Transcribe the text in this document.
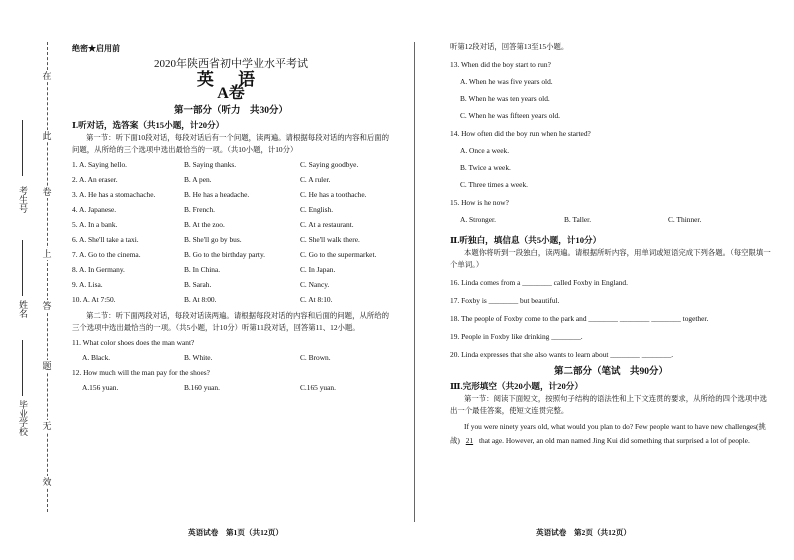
在
此
卷
上
答
题
无
效
考生号
姓名
毕业学校
绝密★启用前
2020年陕西省初中学业水平考试
英 语
A卷
第一部分（听力　共30分）
Ⅰ.听对话，选答案（共15小题，计20分）
第一节：听下面10段对话，每段对话后有一个问题，读两遍。请根据每段对话的内容和后面的问题，从所给的三个选项中选出最恰当的一项。（共10小题，计10分）
1. A. Saying hello.	B. Saying thanks.	C. Saying goodbye.
2. A. An eraser.	B. A pen.	C. A ruler.
3. A. He has a stomachache.	B. He has a headache.	C. He has a toothache.
4. A. Japanese.	B. French.	C. English.
5. A. In a bank.	B. At the zoo.	C. At a restaurant.
6. A. She'll take a taxi.	B. She'll go by bus.	C. She'll walk there.
7. A. Go to the cinema.	B. Go to the birthday party.	C. Go to the supermarket.
8. A. In Germany.	B. In China.	C. In Japan.
9. A. Lisa.	B. Sarah.	C. Nancy.
10. A. At 7:50.	B. At 8:00.	C. At 8:10.
第二节：听下面两段对话，每段对话读两遍。请根据每段对话的内容和后面的问题，从所给的三个选项中选出最恰当的一项。（共5小题，计10分）听第11段对话，回答第11、12小题。
11. What color shoes does the man want?
A. Black.	B. White.	C. Brown.
12. How much will the man pay for the shoes?
A.156 yuan.	B.160 yuan.	C.165 yuan.
英语试卷　第1页（共12页）
听第12段对话，回答第13至15小题。
13. When did the boy start to run?
A. When he was five years old.
B. When he was ten years old.
C. When he was fifteen years old.
14. How often did the boy run when he started?
A. Once a week.
B. Twice a week.
C. Three times a week.
15. How is he now?
A. Stronger.	B. Taller.	C. Thinner.
Ⅱ.听独白，填信息（共5小题，计10分）
本题你将听到一段独白，读两遍。请根据所听内容，用单词或短语完成下列各题。（每空限填一个单词。）
16. Linda comes from a ________ called Foxby in England.
17. Foxby is ________ but beautiful.
18. The people of Foxby come to the park and ________ ________ ________ together.
19. People in Foxby like drinking ________.
20. Linda expresses that she also wants to learn about ________ ________.
第二部分（笔试　共90分）
Ⅲ.完形填空（共20小题，计20分）
第一节：阅读下面短文，按照句子结构的语法性和上下文连贯的要求，从所给的四个选项中选出一个最佳答案，使短文连贯完整。
If you were ninety years old, what would you plan to do? Few people want to have new challenges(挑战) 21 that age. However, an old man named Jing Kui did something that surprised a lot of people.
英语试卷　第2页（共12页）
